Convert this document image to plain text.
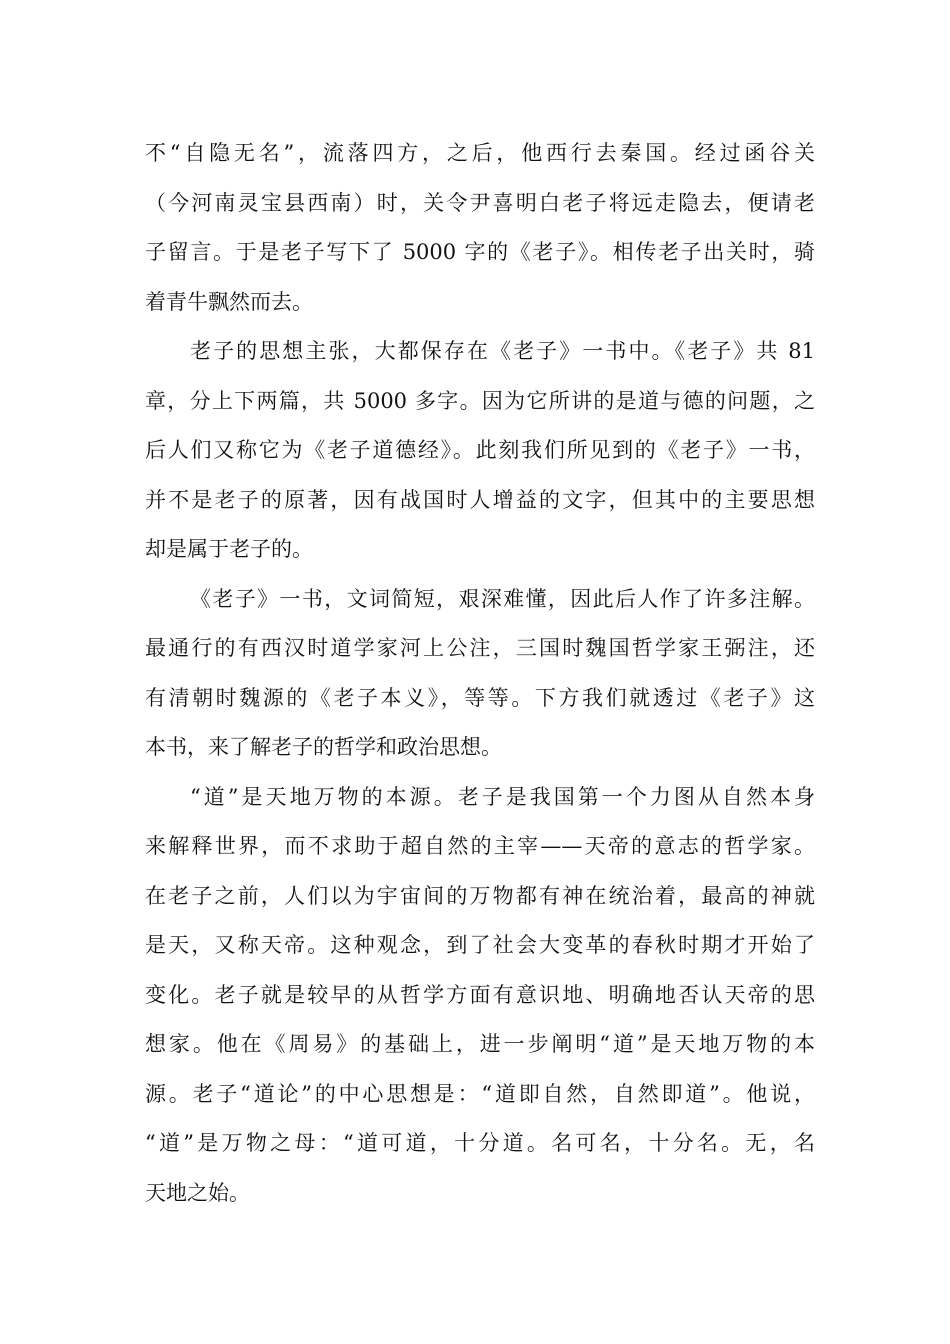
不“自隐无名”，流落四方，之后，他西行去秦国。经过函谷关
（今河南灵宝县西南）时，关令尹喜明白老子将远走隐去，便请老
子留言。于是老子写下了 5000 字的《老子》。相传老子出关时，骑
着青牛飘然而去。
老子的思想主张，大都保存在《老子》一书中。《老子》共 81
章，分上下两篇，共 5000 多字。因为它所讲的是道与德的问题，之
后人们又称它为《老子道德经》。此刻我们所见到的《老子》一书，
并不是老子的原著，因有战国时人增益的文字，但其中的主要思想
却是属于老子的。
《老子》一书，文词简短，艰深难懂，因此后人作了许多注解。
最通行的有西汉时道学家河上公注，三国时魏国哲学家王弼注，还
有清朝时魏源的《老子本义》，等等。下方我们就透过《老子》这
本书，来了解老子的哲学和政治思想。
“道”是天地万物的本源。老子是我国第一个力图从自然本身
来解释世界，而不求助于超自然的主宰——天帝的意志的哲学家。
在老子之前，人们以为宇宙间的万物都有神在统治着，最高的神就
是天，又称天帝。这种观念，到了社会大变革的春秋时期才开始了
变化。老子就是较早的从哲学方面有意识地、明确地否认天帝的思
想家。他在《周易》的基础上，进一步阐明“道”是天地万物的本
源。老子“道论”的中心思想是：“道即自然，自然即道”。他说，
“道”是万物之母：“道可道，十分道。名可名，十分名。无，名
天地之始。
